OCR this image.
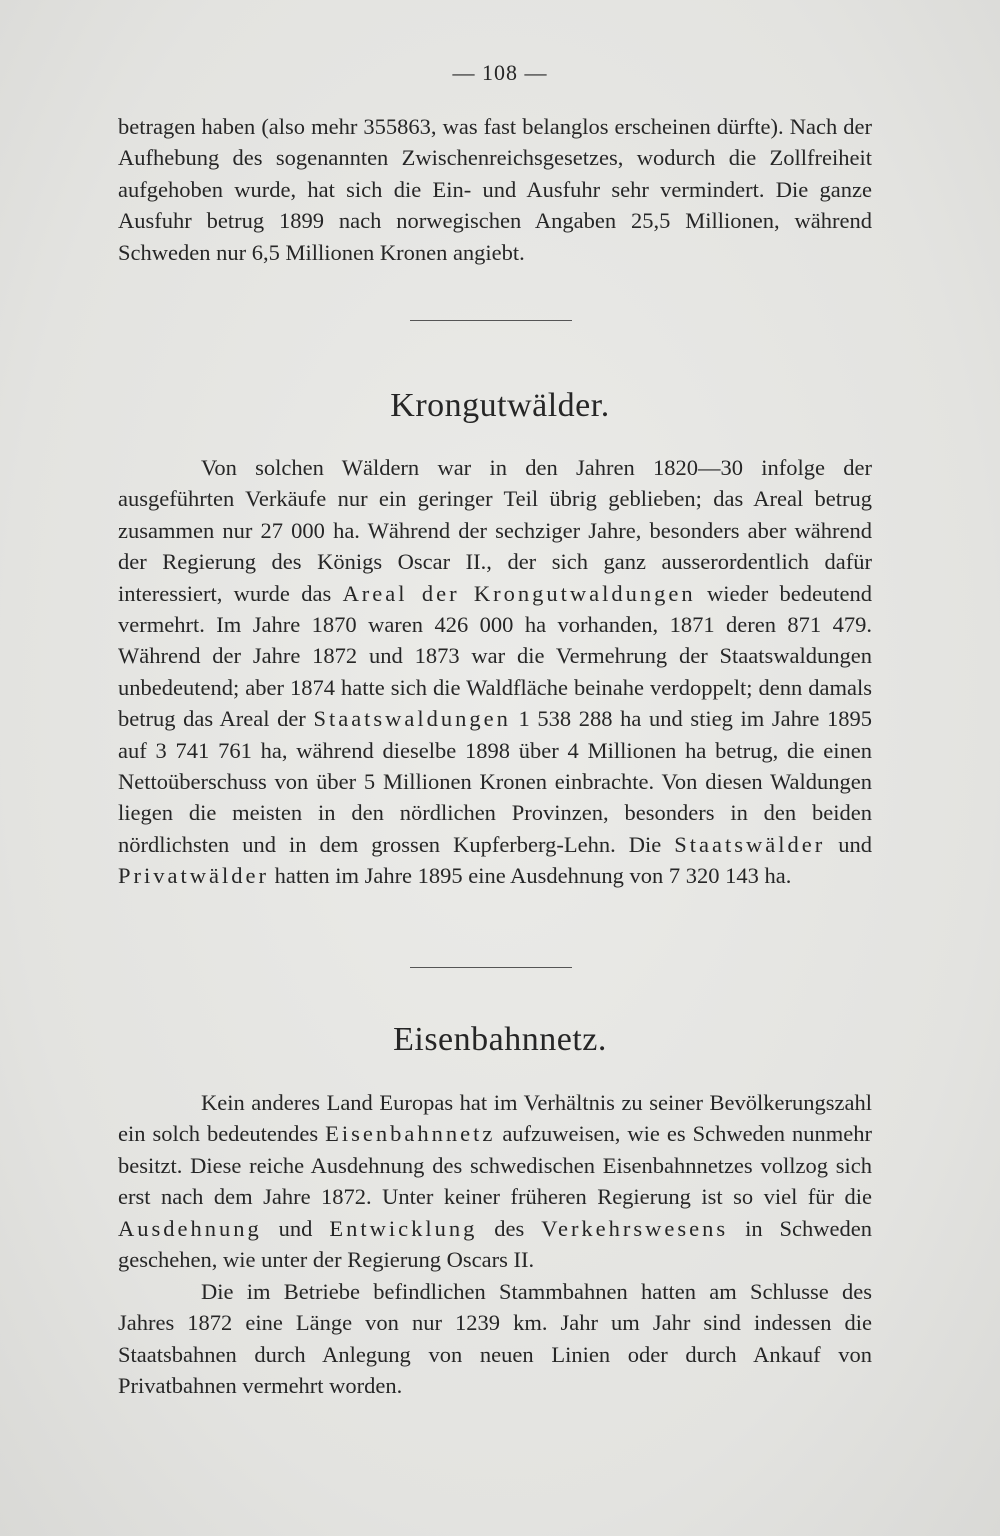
— 108 —

betragen haben (also mehr 355863, was fast belanglos erscheinen dürfte). Nach der Aufhebung des sogenannten Zwischenreichsgesetzes, wodurch die Zollfreiheit aufgehoben wurde, hat sich die Ein- und Ausfuhr sehr vermindert. Die ganze Ausfuhr betrug 1899 nach norwegischen Angaben 25,5 Millionen, während Schweden nur 6,5 Millionen Kronen angiebt.

Krongutwälder.

Von solchen Wäldern war in den Jahren 1820—30 infolge der ausgeführten Verkäufe nur ein geringer Teil übrig geblieben; das Areal betrug zusammen nur 27 000 ha. Während der sechziger Jahre, besonders aber während der Regierung des Königs Oscar II., der sich ganz ausserordentlich dafür interessiert, wurde das Areal der Krongutwaldungen wieder bedeutend vermehrt. Im Jahre 1870 waren 426 000 ha vorhanden, 1871 deren 871 479. Während der Jahre 1872 und 1873 war die Vermehrung der Staatswaldungen unbedeutend; aber 1874 hatte sich die Waldfläche beinahe verdoppelt; denn damals betrug das Areal der Staatswaldungen 1 538 288 ha und stieg im Jahre 1895 auf 3 741 761 ha, während dieselbe 1898 über 4 Millionen ha betrug, die einen Nettoüberschuss von über 5 Millionen Kronen einbrachte. Von diesen Waldungen liegen die meisten in den nördlichen Provinzen, besonders in den beiden nördlichsten und in dem grossen Kupferberg-Lehn. Die Staatswälder und Privatwälder hatten im Jahre 1895 eine Ausdehnung von 7 320 143 ha.

Eisenbahnnetz.

Kein anderes Land Europas hat im Verhältnis zu seiner Bevölkerungszahl ein solch bedeutendes Eisenbahnnetz aufzuweisen, wie es Schweden nunmehr besitzt. Diese reiche Ausdehnung des schwedischen Eisenbahnnetzes vollzog sich erst nach dem Jahre 1872. Unter keiner früheren Regierung ist so viel für die Ausdehnung und Entwicklung des Verkehrswesens in Schweden geschehen, wie unter der Regierung Oscars II.

Die im Betriebe befindlichen Stammbahnen hatten am Schlusse des Jahres 1872 eine Länge von nur 1239 km. Jahr um Jahr sind indessen die Staatsbahnen durch Anlegung von neuen Linien oder durch Ankauf von Privatbahnen vermehrt worden.
